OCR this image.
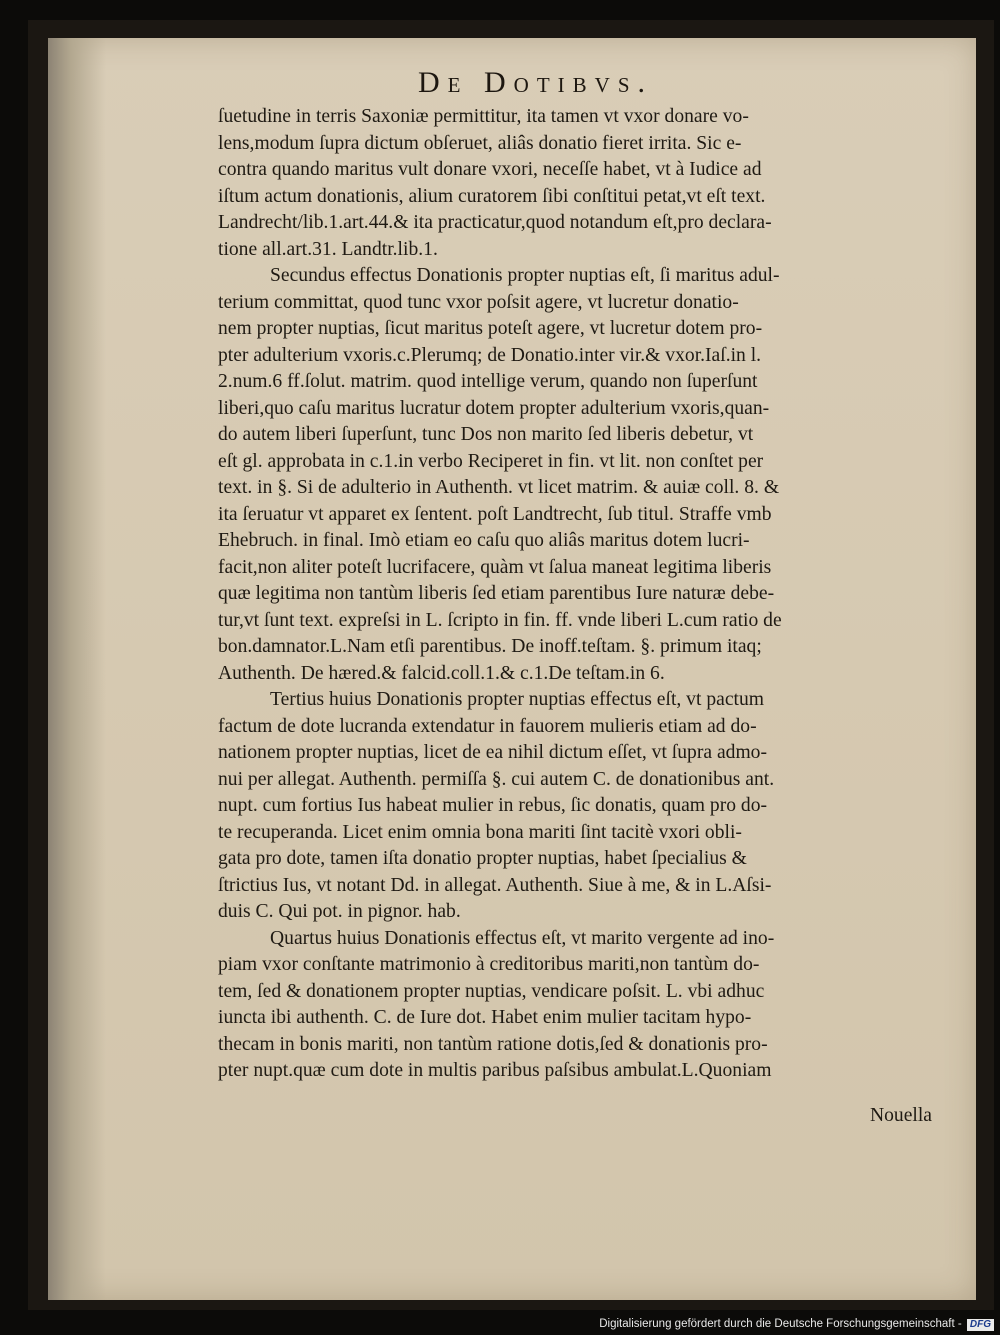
De Dotibvs.
ſuetudine in terris Saxoniæ permittitur, ita tamen vt vxor donare vo-
lens,modum ſupra dictum obſeruet, aliâs donatio fieret irrita. Sic e-
contra quando maritus vult donare vxori, neceſſe habet, vt à Iudice ad
iſtum actum donationis, alium curatorem ſibi conſtitui petat,vt eſt text.
Landrecht/lib.1.art.44.& ita practicatur,quod notandum eſt,pro declara-
tione all.art.31. Landtr.lib.1.
Secundus effectus Donationis propter nuptias eſt, ſi maritus adul-
terium committat, quod tunc vxor poſsit agere, vt lucretur donatio-
nem propter nuptias, ſicut maritus poteſt agere, vt lucretur dotem pro-
pter adulterium vxoris.c.Plerumq; de Donatio.inter vir.& vxor.Iaſ.in l.
2.num.6 ff.ſolut. matrim. quod intellige verum, quando non ſuperſunt
liberi,quo caſu maritus lucratur dotem propter adulterium vxoris,quan-
do autem liberi ſuperſunt, tunc Dos non marito ſed liberis debetur, vt
eſt gl. approbata in c.1.in verbo Reciperet in fin. vt lit. non conſtet per
text. in §. Si de adulterio in Authenth. vt licet matrim. & auiæ coll. 8. &
ita ſeruatur vt apparet ex ſentent. poſt Landtrecht, ſub titul. Straffe vmb
Ehebruch. in final. Imò etiam eo caſu quo aliâs maritus dotem lucri-
facit,non aliter poteſt lucrifacere, quàm vt ſalua maneat legitima liberis
quæ legitima non tantùm liberis ſed etiam parentibus Iure naturæ debe-
tur,vt ſunt text. expreſsi in L. ſcripto in fin. ff. vnde liberi L.cum ratio de
bon.damnator.L.Nam etſi parentibus. De inoff.teſtam. §. primum itaq;
Authenth. De hæred.& falcid.coll.1.& c.1.De teſtam.in 6.
Tertius huius Donationis propter nuptias effectus eſt, vt pactum
factum de dote lucranda extendatur in fauorem mulieris etiam ad do-
nationem propter nuptias, licet de ea nihil dictum eſſet, vt ſupra admo-
nui per allegat. Authenth. permiſſa §. cui autem C. de donationibus ant.
nupt. cum fortius Ius habeat mulier in rebus, ſic donatis, quam pro do-
te recuperanda. Licet enim omnia bona mariti ſint tacitè vxori obli-
gata pro dote, tamen iſta donatio propter nuptias, habet ſpecialius &
ſtrictius Ius, vt notant Dd. in allegat. Authenth. Siue à me, & in L.Aſsi-
duis C. Qui pot. in pignor. hab.
Quartus huius Donationis effectus eſt, vt marito vergente ad ino-
piam vxor conſtante matrimonio à creditoribus mariti,non tantùm do-
tem, ſed & donationem propter nuptias, vendicare poſsit. L. vbi adhuc
iuncta ibi authenth. C. de Iure dot. Habet enim mulier tacitam hypo-
thecam in bonis mariti, non tantùm ratione dotis,ſed & donationis pro-
pter nupt.quæ cum dote in multis paribus paſsibus ambulat.L.Quoniam
Nouella
Digitalisierung gefördert durch die Deutsche Forschungsgemeinschaft - DFG
